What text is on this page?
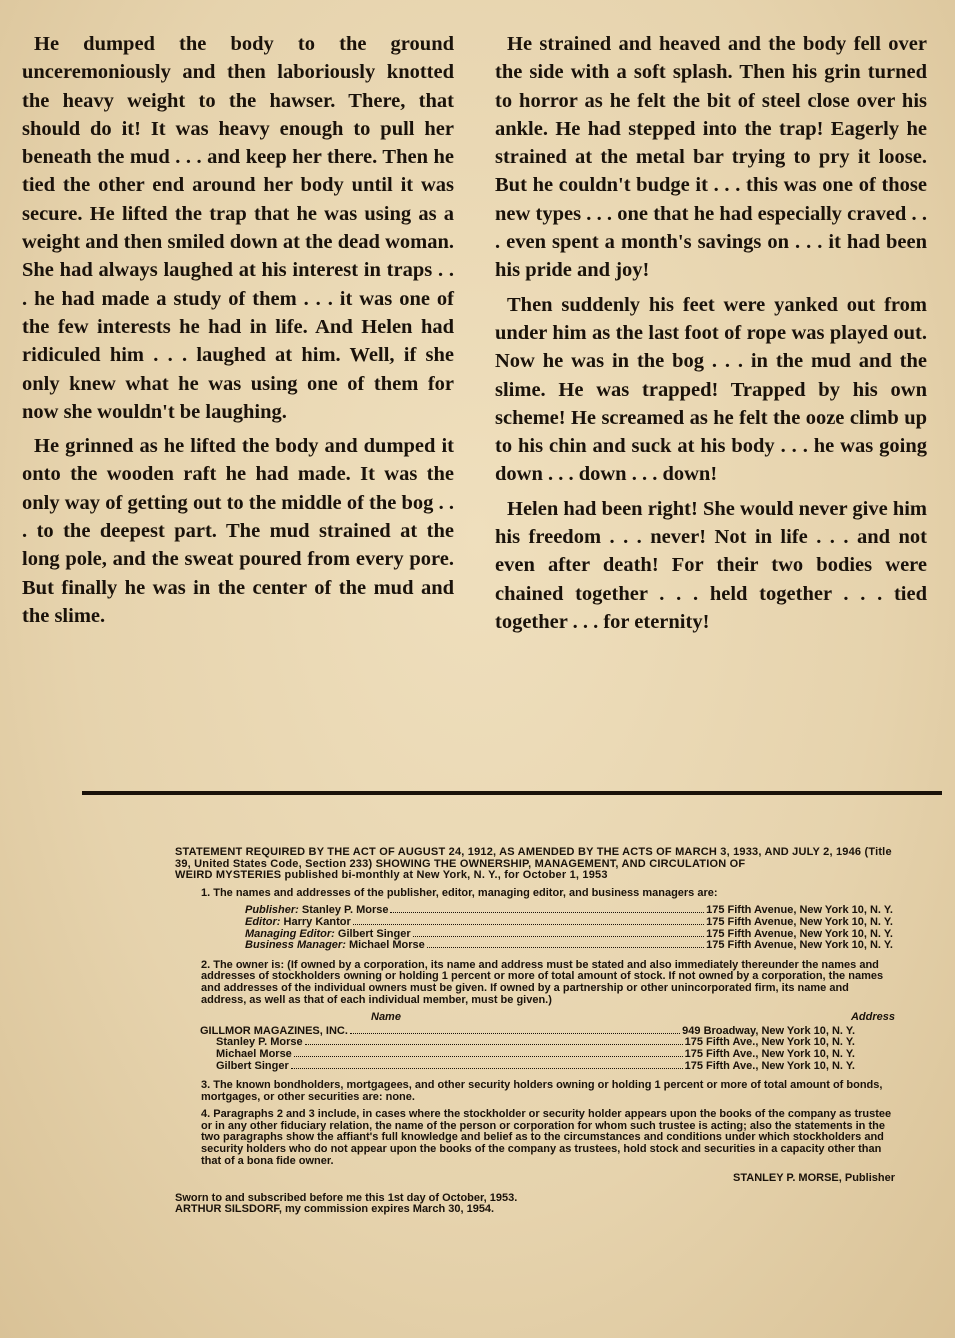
He dumped the body to the ground unceremoniously and then laboriously knotted the heavy weight to the hawser. There, that should do it! It was heavy enough to pull her beneath the mud . . . and keep her there. Then he tied the other end around her body until it was secure. He lifted the trap that he was using as a weight and then smiled down at the dead woman. She had always laughed at his interest in traps . . . he had made a study of them . . . it was one of the few interests he had in life. And Helen had ridiculed him . . . laughed at him. Well, if she only knew what he was using one of them for now she wouldn't be laughing.

He grinned as he lifted the body and dumped it onto the wooden raft he had made. It was the only way of getting out to the middle of the bog . . . to the deepest part. The mud strained at the long pole, and the sweat poured from every pore. But finally he was in the center of the mud and the slime.

He strained and heaved and the body fell over the side with a soft splash. Then his grin turned to horror as he felt the bit of steel close over his ankle. He had stepped into the trap! Eagerly he strained at the metal bar trying to pry it loose. But he couldn't budge it . . . this was one of those new types . . . one that he had especially craved . . . even spent a month's savings on . . . it had been his pride and joy!

Then suddenly his feet were yanked out from under him as the last foot of rope was played out. Now he was in the bog . . . in the mud and the slime. He was trapped! Trapped by his own scheme! He screamed as he felt the ooze climb up to his chin and suck at his body . . . he was going down . . . down . . . down!

Helen had been right! She would never give him his freedom . . . never! Not in life . . . and not even after death! For their two bodies were chained together . . . held together . . . tied together . . . for eternity!

STATEMENT REQUIRED BY THE ACT OF AUGUST 24, 1912, AS AMENDED BY THE ACTS OF MARCH 3, 1933, AND JULY 2, 1946 (Title 39, United States Code, Section 233) SHOWING THE OWNERSHIP, MANAGEMENT, AND CIRCULATION OF
WEIRD MYSTERIES published bi-monthly at New York, N. Y., for October 1, 1953
1. The names and addresses of the publisher, editor, managing editor, and business managers are:
Publisher: Stanley P. Morse	175 Fifth Avenue, New York 10, N. Y.
Editor: Harry Kantor	175 Fifth Avenue, New York 10, N. Y.
Managing Editor: Gilbert Singer	175 Fifth Avenue, New York 10, N. Y.
Business Manager: Michael Morse	175 Fifth Avenue, New York 10, N. Y.
2. The owner is: (If owned by a corporation, its name and address must be stated and also immediately thereunder the names and addresses of stockholders owning or holding 1 percent or more of total amount of stock. If not owned by a corporation, the names and addresses of the individual owners must be given. If owned by a partnership or other unincorporated firm, its name and address, as well as that of each individual member, must be given.)
Name	Address
GILLMOR MAGAZINES, INC.	949 Broadway, New York 10, N. Y.
Stanley P. Morse	175 Fifth Ave., New York 10, N. Y.
Michael Morse	175 Fifth Ave., New York 10, N. Y.
Gilbert Singer	175 Fifth Ave., New York 10, N. Y.
3. The known bondholders, mortgagees, and other security holders owning or holding 1 percent or more of total amount of bonds, mortgages, or other securities are: none.
4. Paragraphs 2 and 3 include, in cases where the stockholder or security holder appears upon the books of the company as trustee or in any other fiduciary relation, the name of the person or corporation for whom such trustee is acting; also the statements in the two paragraphs show the affiant's full knowledge and belief as to the circumstances and conditions under which stockholders and security holders who do not appear upon the books of the company as trustees, hold stock and securities in a capacity other than that of a bona fide owner.
STANLEY P. MORSE, Publisher
Sworn to and subscribed before me this 1st day of October, 1953.
ARTHUR SILSDORF, my commission expires March 30, 1954.
